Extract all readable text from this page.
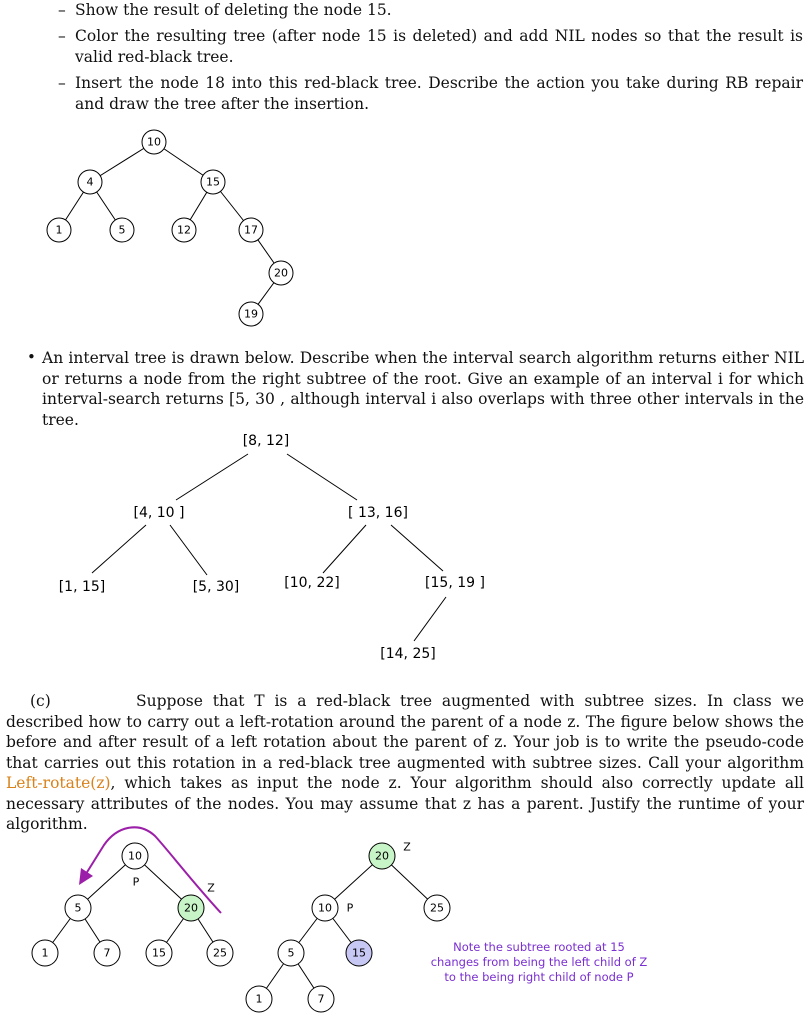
– Show the result of deleting the node 15.
– Color the resulting tree (after node 15 is deleted) and add NIL nodes so that the result is valid red-black tree.
– Insert the node 18 into this red-black tree. Describe the action you take during RB repair and draw the tree after the insertion.
• An interval tree is drawn below. Describe when the interval search algorithm returns either NIL or returns a node from the right subtree of the root. Give an example of an interval i for which interval-search returns [5, 30 , although interval i also overlaps with three other intervals in the tree.
(c)	Suppose that T is a red-black tree augmented with subtree sizes. In class we described how to carry out a left-rotation around the parent of a node z. The figure below shows the before and after result of a left rotation about the parent of z. Your job is to write the pseudo-code that carries out this rotation in a red-black tree augmented with subtree sizes. Call your algorithm Left-rotate(z), which takes as input the node z. Your algorithm should also correctly update all necessary attributes of the nodes. You may assume that z has a parent. Justify the runtime of your algorithm.
10
4	15
1	5	12	17
20
19
[8, 12]
[4, 10 ]	[ 13, 16]
[1, 15]	[5, 30]	[10, 22]	[15, 19 ]
[14, 25]
10
5	20
1	7	15	25
P	Z
20
10	25
5	15
1	7
Z
P
Note the subtree rooted at 15
changes from being the left child of Z
to the being right child of node P
